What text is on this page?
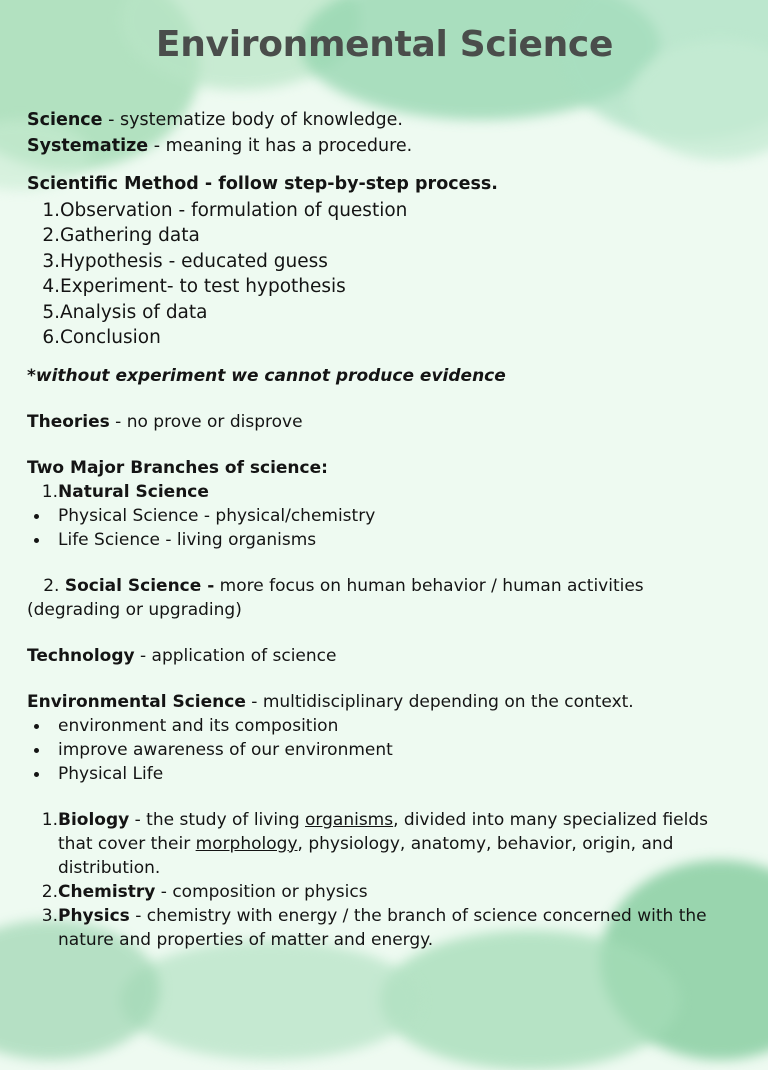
Environmental Science

Science - systematize body of knowledge.

Systematize - meaning it has a procedure.

Scientific Method - follow step-by-step process.

1. Observation - formulation of question
2. Gathering data
3. Hypothesis - educated guess
4. Experiment- to test hypothesis
5. Analysis of data
6. Conclusion

*without experiment we cannot produce evidence

Theories - no prove or disprove

Two Major Branches of science:

1. Natural Science
Physical Science - physical/chemistry
Life Science - living organisms

2. Social Science - more focus on human behavior / human activities (degrading or upgrading)

Technology - application of science

Environmental Science - multidisciplinary depending on the context.

environment and its composition
improve awareness of our environment
Physical Life
1. Biology - the study of living organisms, divided into many specialized fields that cover their morphology, physiology, anatomy, behavior, origin, and distribution.
2. Chemistry - composition or physics
3. Physics - chemistry with energy / the branch of science concerned with the nature and properties of matter and energy.
